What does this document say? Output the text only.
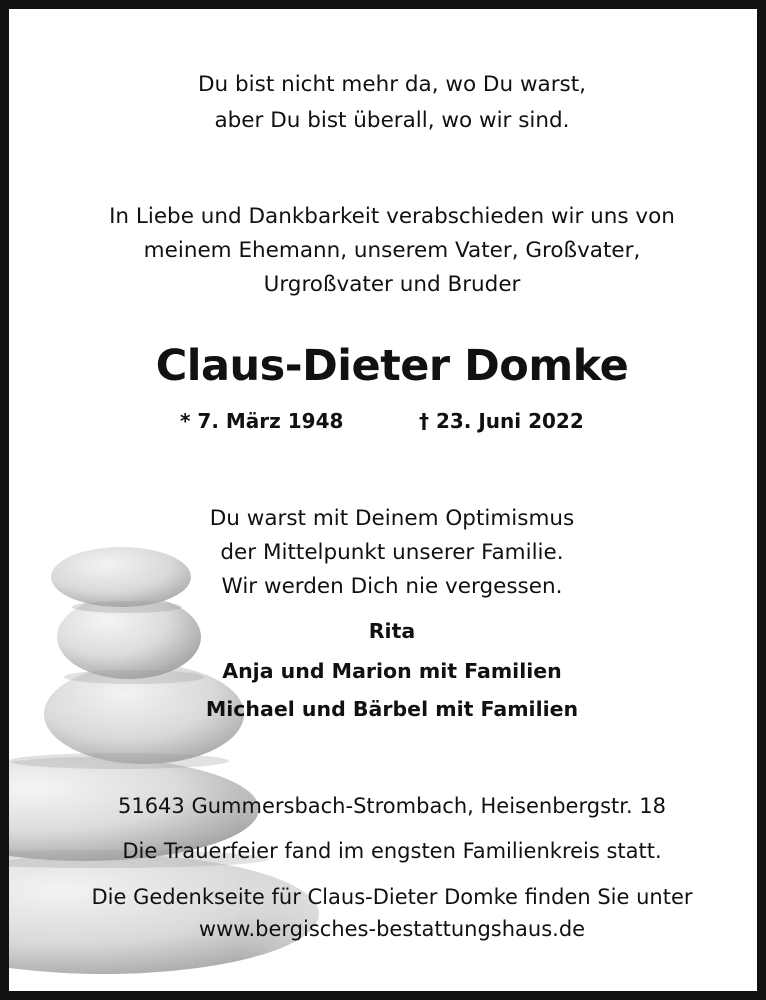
Du bist nicht mehr da, wo Du warst,

aber Du bist überall, wo wir sind.

In Liebe und Dankbarkeit verabschieden wir uns von

meinem Ehemann, unserem Vater, Großvater,

Urgroßvater und Bruder

Claus-Dieter Domke

* 7. März 1948	† 23. Juni 2022

Du warst mit Deinem Optimismus

der Mittelpunkt unserer Familie.

Wir werden Dich nie vergessen.

Rita

Anja und Marion mit Familien

Michael und Bärbel mit Familien

51643 Gummersbach-Strombach, Heisenbergstr. 18

Die Trauerfeier fand im engsten Familienkreis statt.

Die Gedenkseite für Claus-Dieter Domke finden Sie unter

www.bergisches-bestattungshaus.de
